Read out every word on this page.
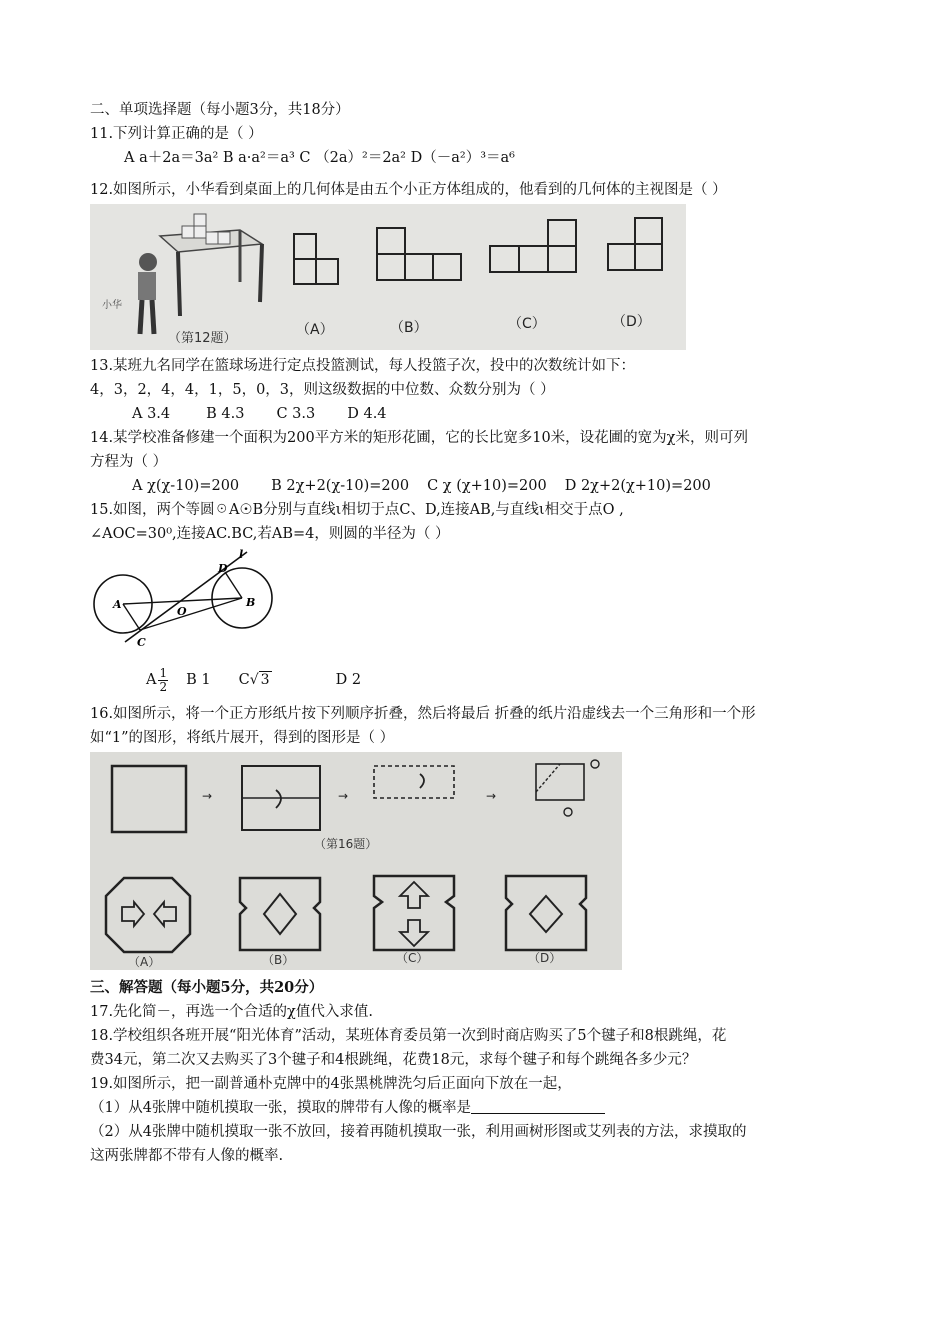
二、单项选择题（每小题3分，共18分）
11.下列计算正确的是（ ）
A a＋2a＝3a² B a·a²＝a³ C （2a）²＝2a² D（－a²）³＝a⁶
12.如图所示，小华看到桌面上的几何体是由五个小正方体组成的，他看到的几何体的主视图是（ ）
小华
（第12题）
（A）	（B）	（C）	（D）
13.某班九名同学在篮球场进行定点投篮测试，每人投篮子次，投中的次数统计如下：
4，3，2，4，4，1，5，0，3，则这级数据的中位数、众数分别为（ ）
A 3.4 B 4.3 C 3.3 D 4.4
14.某学校准备修建一个面积为200平方米的矩形花圃，它的长比宽多10米，设花圃的宽为χ米，则可列
方程为（ ）
A χ(χ-10)=200 B 2χ+2(χ-10)=200 C χ (χ+10)=200 D 2χ+2(χ+10)=200
15.如图，两个等圆☉A☉B分别与直线ι相切于点C、D,连接AB,与直线ι相交于点O ,
∠AOC=30⁰,连接AC.BC,若AB=4，则圆的半径为（ ）
l
D
A
O
B
C
A $\frac{1}{2}$ B 1 C√ 3	D 2
16.如图所示，将一个正方形纸片按下列顺序折叠，然后将最后 折叠的纸片沿虚线去一个三角形和一个形
如“1”的图形，将纸片展开，得到的图形是（ ）
→	→	→
（第16题）
（A）	（B）	（C）	（D）
三、解答题（每小题5分，共20分）
17.先化简－，再选一个合适的χ值代入求值.
18.学校组织各班开展“阳光体育”活动，某班体育委员第一次到时商店购买了5个毽子和8根跳绳，花
费34元，第二次又去购买了3个毽子和4根跳绳，花费18元，求每个毽子和每个跳绳各多少元？
19.如图所示，把一副普通朴克牌中的4张黑桃牌洗匀后正面向下放在一起，
（1）从4张牌中随机摸取一张，摸取的牌带有人像的概率是
（2）从4张牌中随机摸取一张不放回，接着再随机摸取一张，利用画树形图或艾列表的方法，求摸取的
这两张牌都不带有人像的概率.
